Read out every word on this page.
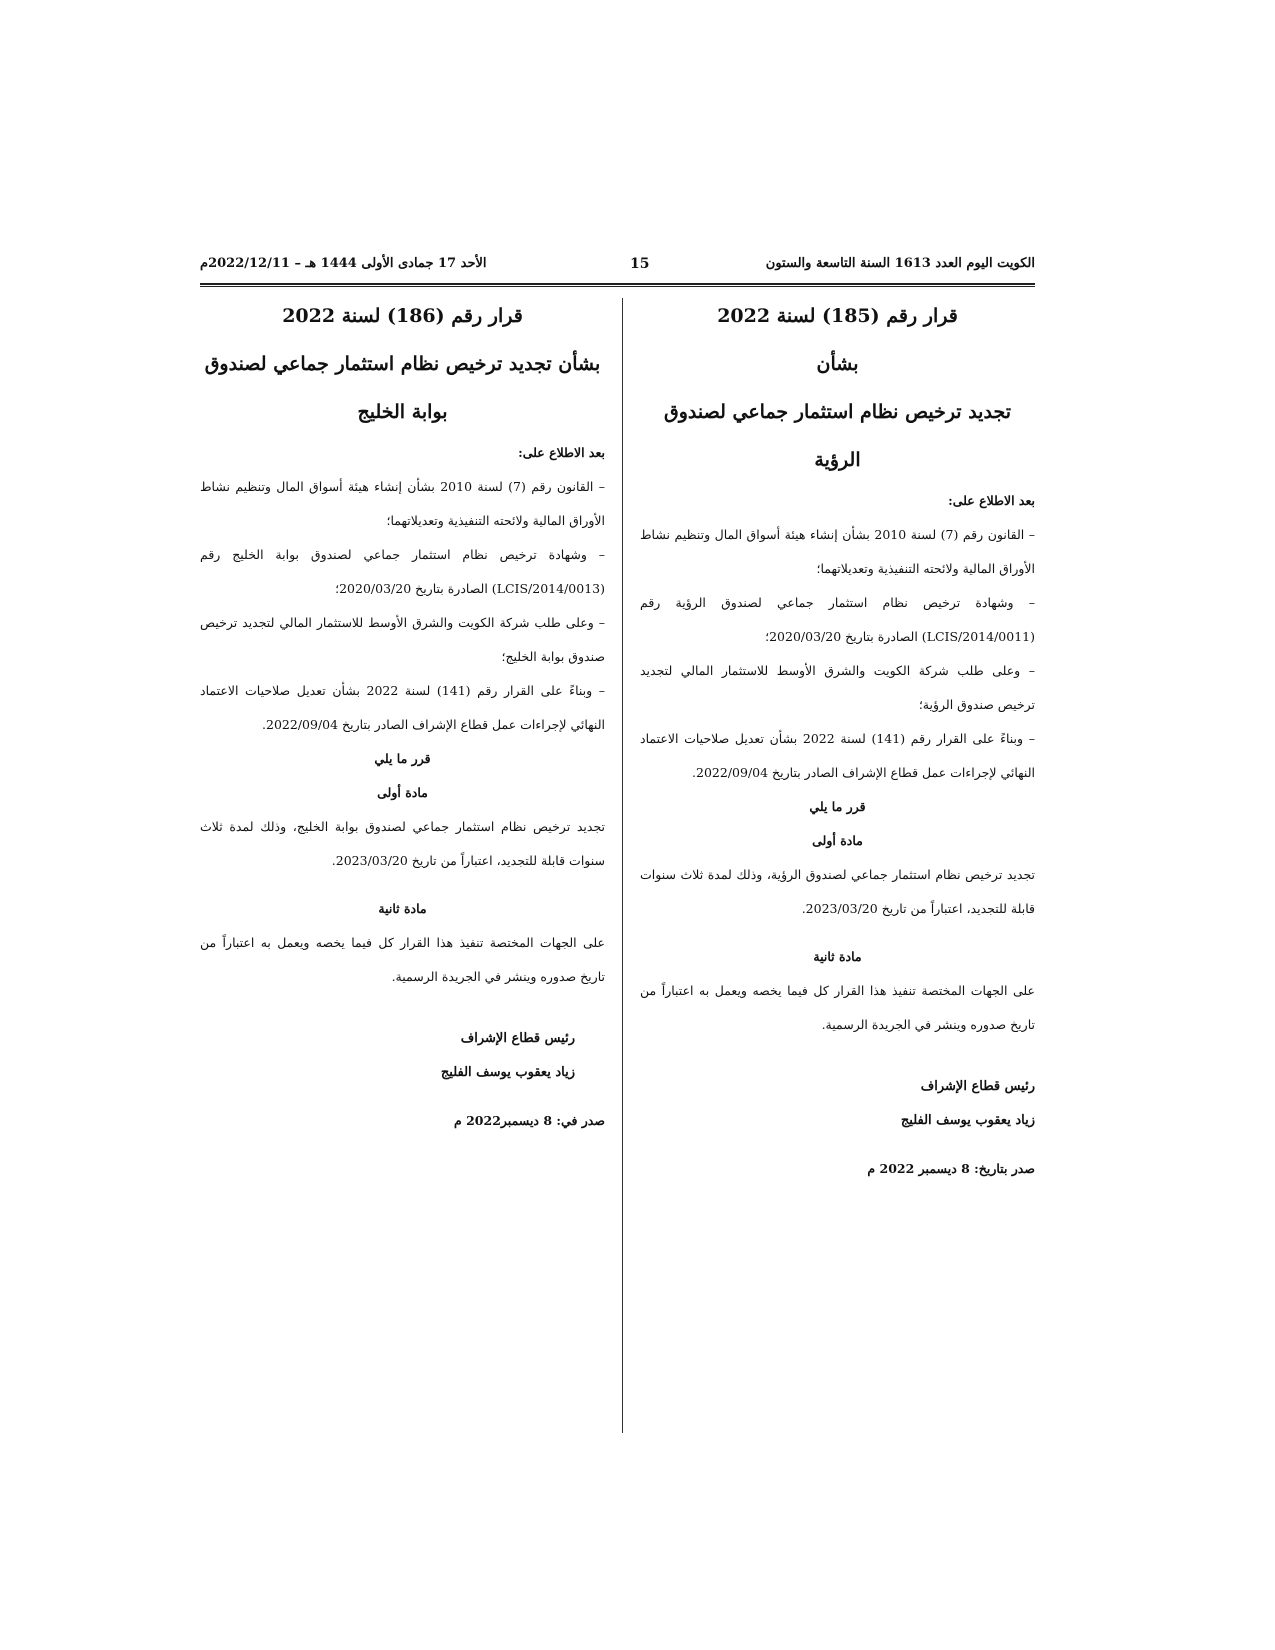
الكويت اليوم العدد 1613 السنة التاسعة والستون
15
الأحد 17 جمادى الأولى 1444 هـ – 2022/12/11م

قرار رقم (185) لسنة 2022

بشأن

تجديد ترخيص نظام استثمار جماعي لصندوق الرؤية

بعد الاطلاع على:

– القانون رقم (7) لسنة 2010 بشأن إنشاء هيئة أسواق المال وتنظيم نشاط الأوراق المالية ولائحته التنفيذية وتعديلاتهما؛

– وشهادة ترخيص نظام استثمار جماعي لصندوق الرؤية رقم (LCIS/2014/0011) الصادرة بتاريخ 2020/03/20؛

– وعلى طلب شركة الكويت والشرق الأوسط للاستثمار المالي لتجديد ترخيص صندوق الرؤية؛

– وبناءً على القرار رقم (141) لسنة 2022 بشأن تعديل صلاحيات الاعتماد النهائي لإجراءات عمل قطاع الإشراف الصادر بتاريخ 2022/09/04.

قرر ما يلي

مادة أولى

تجديد ترخيص نظام استثمار جماعي لصندوق الرؤية، وذلك لمدة ثلاث سنوات قابلة للتجديد، اعتباراً من تاريخ 2023/03/20.

مادة ثانية

على الجهات المختصة تنفيذ هذا القرار كل فيما يخصه ويعمل به اعتباراً من تاريخ صدوره وينشر في الجريدة الرسمية.

رئيس قطاع الإشراف

زياد يعقوب يوسف الفليج

صدر بتاريخ: 8 ديسمبر 2022 م

قرار رقم (186) لسنة 2022

بشأن تجديد ترخيص نظام استثمار جماعي لصندوق

بوابة الخليج

بعد الاطلاع على:

– القانون رقم (7) لسنة 2010 بشأن إنشاء هيئة أسواق المال وتنظيم نشاط الأوراق المالية ولائحته التنفيذية وتعديلاتهما؛

– وشهادة ترخيص نظام استثمار جماعي لصندوق بوابة الخليج رقم (LCIS/2014/0013) الصادرة بتاريخ 2020/03/20؛

– وعلى طلب شركة الكويت والشرق الأوسط للاستثمار المالي لتجديد ترخيص صندوق بوابة الخليج؛

– وبناءً على القرار رقم (141) لسنة 2022 بشأن تعديل صلاحيات الاعتماد النهائي لإجراءات عمل قطاع الإشراف الصادر بتاريخ 2022/09/04.

قرر ما يلي

مادة أولى

تجديد ترخيص نظام استثمار جماعي لصندوق بوابة الخليج، وذلك لمدة ثلاث سنوات قابلة للتجديد، اعتباراً من تاريخ 2023/03/20.

مادة ثانية

على الجهات المختصة تنفيذ هذا القرار كل فيما يخصه ويعمل به اعتباراً من تاريخ صدوره وينشر في الجريدة الرسمية.

رئيس قطاع الإشراف

زياد يعقوب يوسف الفليج

صدر في: 8 ديسمبر2022 م
